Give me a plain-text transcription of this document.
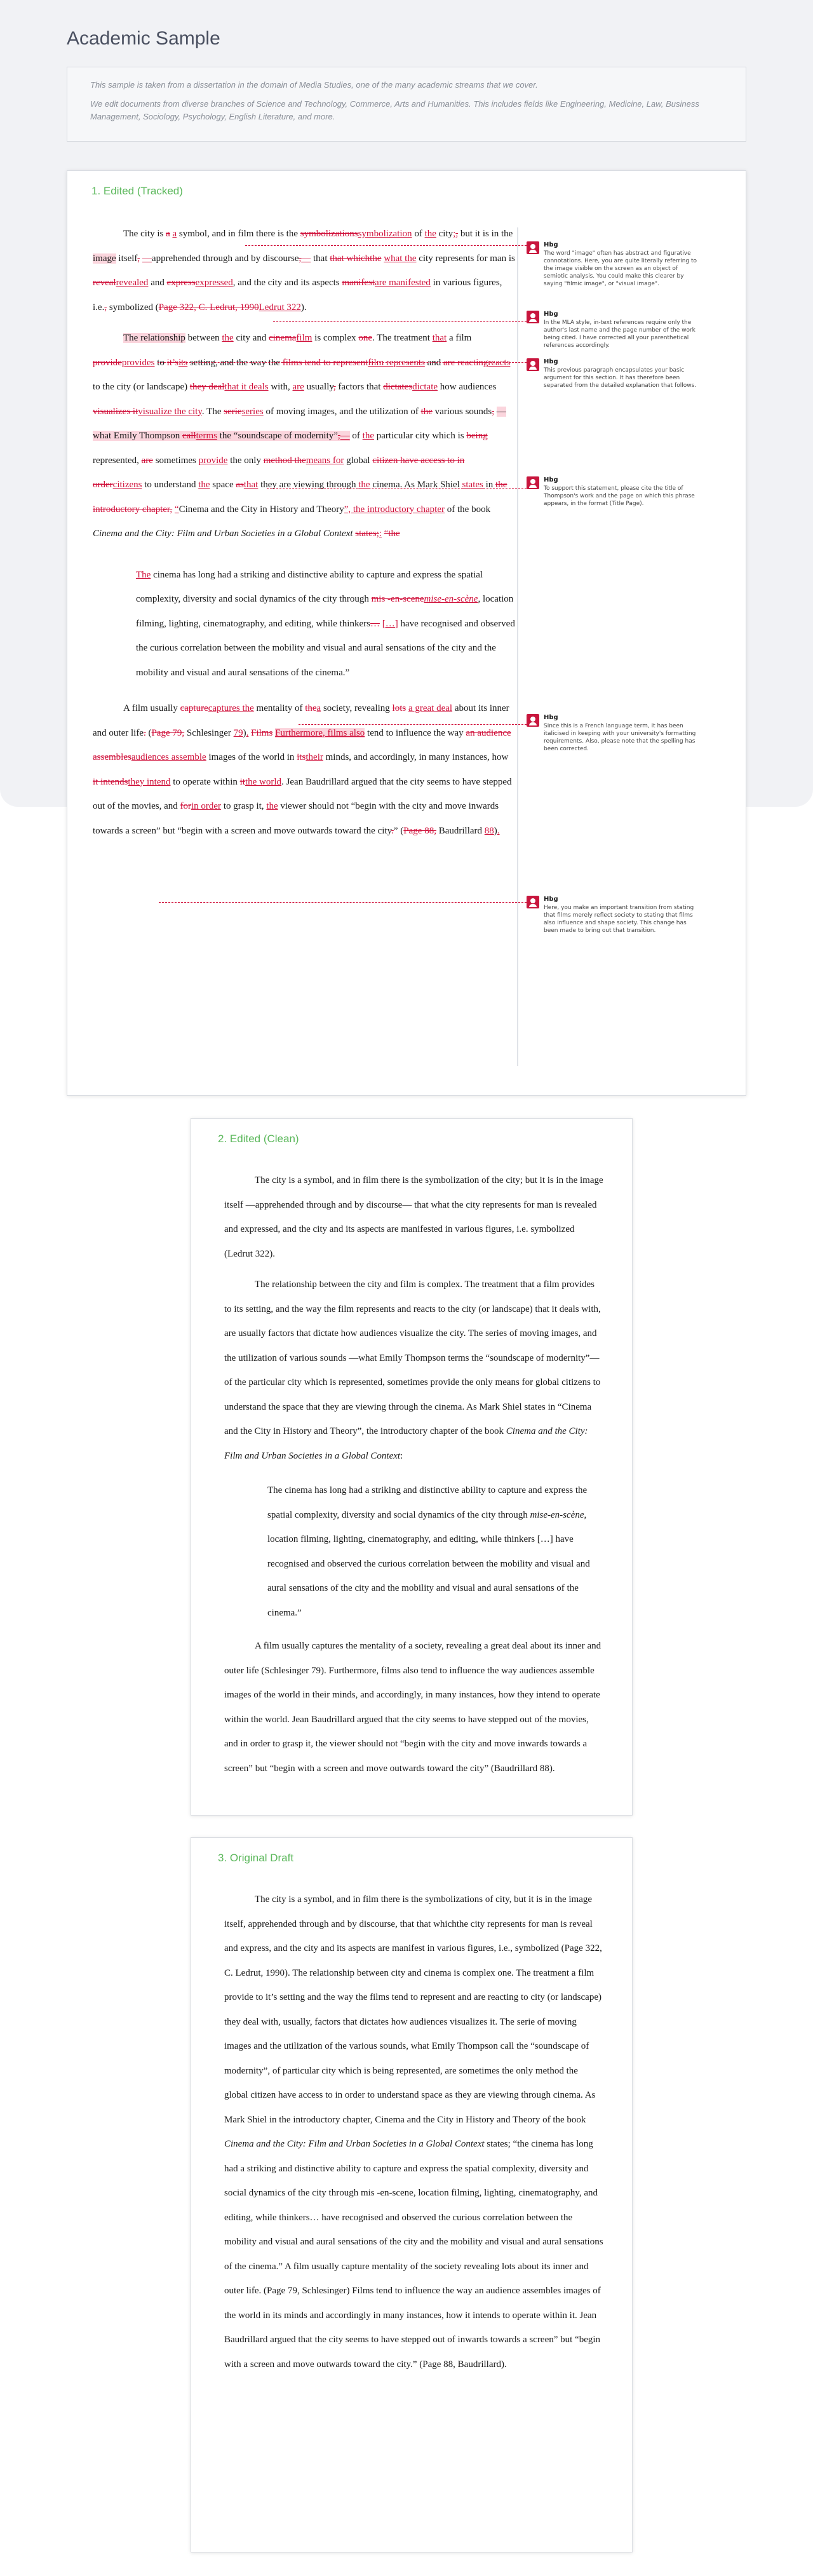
Academic Sample

This sample is taken from a dissertation in the domain of Media Studies, one of the many academic streams that we cover.

We edit documents from diverse branches of Science and Technology, Commerce, Arts and Humanities. This includes fields like Engineering, Medicine, Law, Business Management, Sociology, Psychology, English Literature, and more.

1. Edited (Tracked)

The city is a a symbol, and in film there is the symbolizationssymbolization of the city;, but it is in the image itself, —apprehended through and by discourse,— that that whichthe what the city represents for man is revealrevealed and expressexpressed, and the city and its aspects manifestare manifested in various figures, i.e., symbolized (Page 322, C. Ledrut, 1990Ledrut 322).

The relationship between the city and cinemafilm is complex one. The treatment that a film provideprovides to it’sits setting, and the way the films tend to representfilm represents and are reactingreacts to the city (or landscape) they dealthat it deals with, are usually, factors that dictatesdictate how audiences visualizes itvisualize the city. The serieseries of moving images, and the utilization of the various sounds, —what Emily Thompson callterms the “soundscape of modernity”,— of the particular city which is being represented, are sometimes provide the only method themeans for global citizen have access to in ordercitizens to understand the space asthat they are viewing through the cinema. As Mark Shiel states in the introductory chapter, “Cinema and the City in History and Theory”, the introductory chapter of the book Cinema and the City: Film and Urban Societies in a Global Context states;: “the

The cinema has long had a striking and distinctive ability to capture and express the spatial complexity, diversity and social dynamics of the city through mis -en-scenemise-en-scène, location filming, lighting, cinematography, and editing, while thinkers… […] have recognised and observed the curious correlation between the mobility and visual and aural sensations of the city and the mobility and visual and aural sensations of the cinema.”

A film usually capturecaptures the mentality of thea society, revealing lots a great deal about its inner and outer life. (Page 79, Schlesinger 79). Films Furthermore, films also tend to influence the way an audience assemblesaudiences assemble images of the world in itstheir minds, and accordingly, in many instances, how it intendsthey intend to operate within itthe world. Jean Baudrillard argued that the city seems to have stepped out of the movies, and forin order to grasp it, the viewer should not “begin with the city and move inwards towards a screen” but “begin with a screen and move outwards toward the city.” (Page 88, Baudrillard 88).

Hbg
The word "image" often has abstract and figurative connotations. Here, you are quite literally referring to the image visible on the screen as an object of semiotic analysis. You could make this clearer by saying "filmic image", or "visual image".
Hbg
In the MLA style, in-text references require only the author's last name and the page number of the work being cited. I have corrected all your parenthetical references accordingly.
Hbg
This previous paragraph encapsulates your basic argument for this section. It has therefore been separated from the detailed explanation that follows.
Hbg
To support this statement, please cite the title of Thompson's work and the page on which this phrase appears, in the format (Title Page).
Hbg
Since this is a French language term, it has been italicised in keeping with your university's formatting requirements. Also, please note that the spelling has been corrected.
Hbg
Here, you make an important transition from stating that films merely reflect society to stating that films also influence and shape society. This change has been made to bring out that transition.
2. Edited (Clean)

The city is a symbol, and in film there is the symbolization of the city; but it is in the image itself —apprehended through and by discourse— that what the city represents for man is revealed and expressed, and the city and its aspects are manifested in various figures, i.e. symbolized (Ledrut 322).

The relationship between the city and film is complex. The treatment that a film provides to its setting, and the way the film represents and reacts to the city (or landscape) that it deals with, are usually factors that dictate how audiences visualize the city. The series of moving images, and the utilization of various sounds —what Emily Thompson terms the “soundscape of modernity”— of the particular city which is represented, sometimes provide the only means for global citizens to understand the space that they are viewing through the cinema. As Mark Shiel states in “Cinema and the City in History and Theory”, the introductory chapter of the book Cinema and the City: Film and Urban Societies in a Global Context:

The cinema has long had a striking and distinctive ability to capture and express the spatial complexity, diversity and social dynamics of the city through mise-en-scène, location filming, lighting, cinematography, and editing, while thinkers […] have recognised and observed the curious correlation between the mobility and visual and aural sensations of the city and the mobility and visual and aural sensations of the cinema.”

A film usually captures the mentality of a society, revealing a great deal about its inner and outer life (Schlesinger 79). Furthermore, films also tend to influence the way audiences assemble images of the world in their minds, and accordingly, in many instances, how they intend to operate within the world. Jean Baudrillard argued that the city seems to have stepped out of the movies, and in order to grasp it, the viewer should not “begin with the city and move inwards towards a screen” but “begin with a screen and move outwards toward the city” (Baudrillard 88).

3. Original Draft

The city is a symbol, and in film there is the symbolizations of city, but it is in the image itself, apprehended through and by discourse, that that whichthe city represents for man is reveal and express, and the city and its aspects are manifest in various figures, i.e., symbolized (Page 322, C. Ledrut, 1990). The relationship between city and cinema is complex one. The treatment a film provide to it’s setting and the way the films tend to represent and are reacting to city (or landscape) they deal with, usually, factors that dictates how audiences visualizes it. The serie of moving images and the utilization of the various sounds, what Emily Thompson call the “soundscape of modernity”, of particular city which is being represented, are sometimes the only method the global citizen have access to in order to understand space as they are viewing through cinema. As Mark Shiel in the introductory chapter, Cinema and the City in History and Theory of the book Cinema and the City: Film and Urban Societies in a Global Context states; “the cinema has long had a striking and distinctive ability to capture and express the spatial complexity, diversity and social dynamics of the city through mis -en-scene, location filming, lighting, cinematography, and editing, while thinkers… have recognised and observed the curious correlation between the mobility and visual and aural sensations of the city and the mobility and visual and aural sensations of the cinema.” A film usually capture mentality of the society revealing lots about its inner and outer life. (Page 79, Schlesinger) Films tend to influence the way an audience assembles images of the world in its minds and accordingly in many instances, how it intends to operate within it. Jean Baudrillard argued that the city seems to have stepped out of inwards towards a screen” but “begin with a screen and move outwards toward the city.” (Page 88, Baudrillard).
